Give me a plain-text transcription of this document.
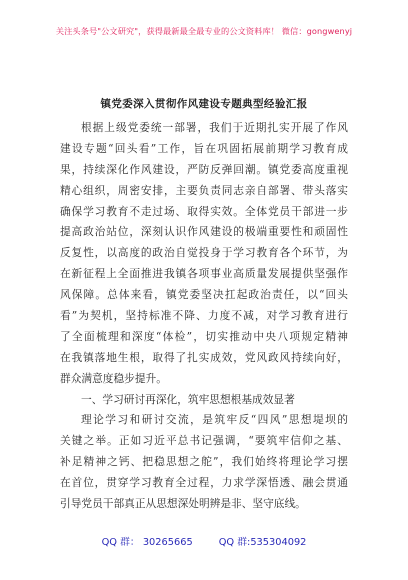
关注头条号"公文研究"，获得最新最全最专业的公文资料库！ 微信：gongwenyj
镇党委深入贯彻作风建设专题典型经验汇报
根据上级党委统一部署，我们于近期扎实开展了作风
建设专题“回头看”工作，旨在巩固拓展前期学习教育成
果，持续深化作风建设，严防反弹回潮。镇党委高度重视
精心组织，周密安排，主要负责同志亲自部署、带头落实
确保学习教育不走过场、取得实效。全体党员干部进一步
提高政治站位，深刻认识作风建设的极端重要性和顽固性
反复性，以高度的政治自觉投身于学习教育各个环节，为
在新征程上全面推进我镇各项事业高质量发展提供坚强作
风保障。总体来看，镇党委坚决扛起政治责任，以“回头
看”为契机，坚持标准不降、力度不减，对学习教育进行
了全面梳理和深度“体检”，切实推动中央八项规定精神
在我镇落地生根，取得了扎实成效，党风政风持续向好，
群众满意度稳步提升。
一、学习研讨再深化，筑牢思想根基成效显著
理论学习和研讨交流，是筑牢反“四风”思想堤坝的
关键之举。正如习近平总书记强调，“要筑牢信仰之基、
补足精神之钙、把稳思想之舵”，我们始终将理论学习摆
在首位，贯穿学习教育全过程，力求学深悟透、融会贯通
引导党员干部真正从思想深处明辨是非、坚守底线。
QQ 群： 30265665	QQ 群:535304092
